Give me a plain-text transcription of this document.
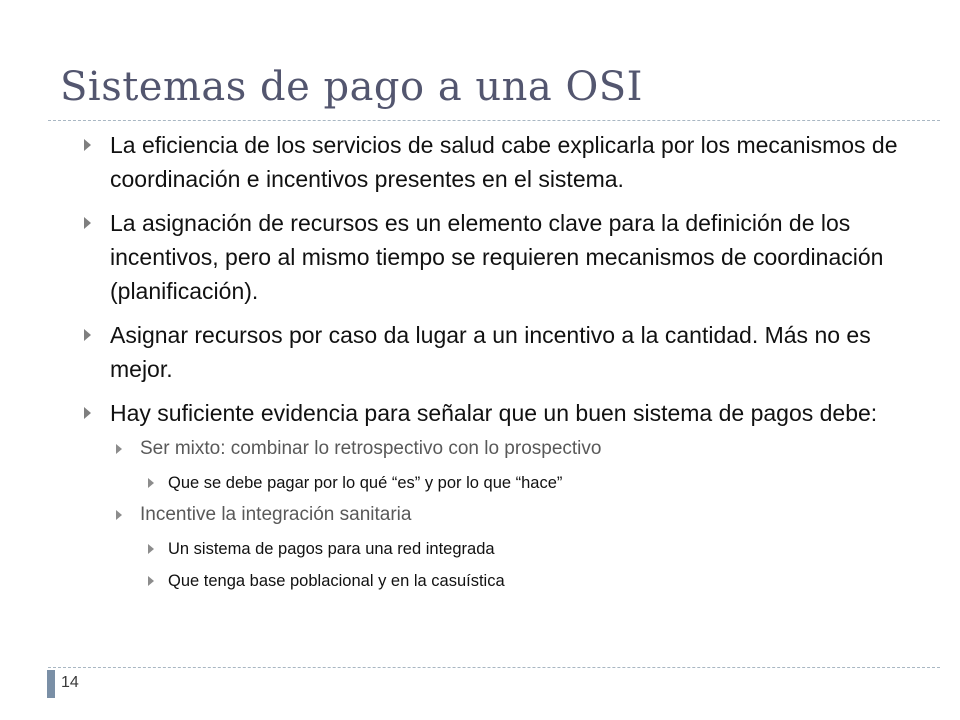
Sistemas de pago a una OSI
La eficiencia de los servicios de salud cabe explicarla por los mecanismos de coordinación e incentivos presentes en el sistema.
La asignación de recursos es un elemento clave para la definición de los incentivos, pero al mismo tiempo se requieren mecanismos de coordinación (planificación).
Asignar recursos por caso da lugar a un incentivo a la cantidad. Más no es mejor.
Hay suficiente evidencia para señalar que un buen sistema de pagos debe:
Ser mixto: combinar lo retrospectivo con lo prospectivo
Que se debe pagar por lo qué “es” y por lo que “hace”
Incentive la integración sanitaria
Un sistema de pagos para una red integrada
Que tenga base poblacional y en la casuística
14
